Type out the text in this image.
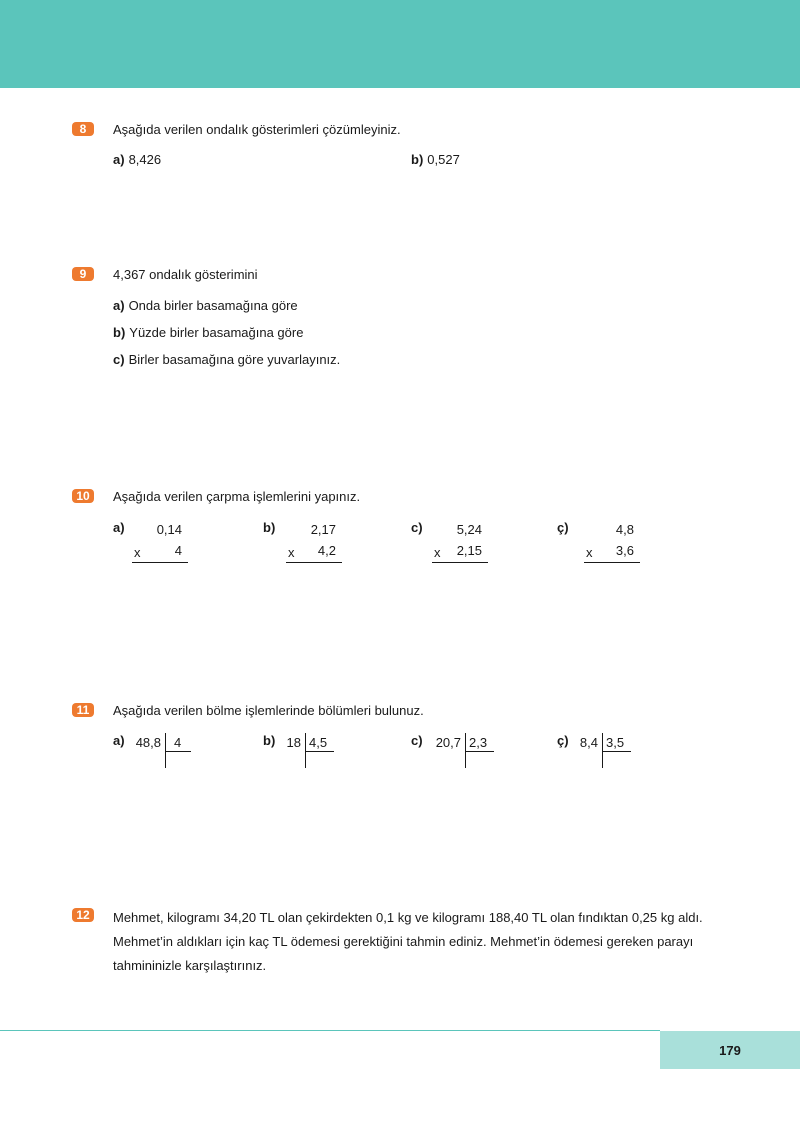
8	Aşağıda verilen ondalık gösterimleri çözümleyiniz.
a) 8,426	b) 0,527
9	4,367 ondalık gösterimini
a) Onda birler basamağına göre
b) Yüzde birler basamağına göre
c) Birler basamağına göre yuvarlayınız.
10	Aşağıda verilen çarpma işlemlerini yapınız.
a)	0,14
x	4
b)	2,17
x	4,2
c)	5,24
x	2,15
ç)	4,8
x	3,6
11	Aşağıda verilen bölme işlemlerinde bölümleri bulunuz.
a) 48,8 4	b) 18 4,5	c)	20,7 2,3	ç) 8,4 3,5
12	Mehmet, kilogramı 34,20 TL olan çekirdekten 0,1 kg ve kilogramı 188,40 TL olan fındıktan 0,25 kg aldı. Mehmet’in aldıkları için kaç TL ödemesi gerektiğini tahmin ediniz. Mehmet’in ödemesi gereken parayı tahmininizle karşılaştırınız.
179
